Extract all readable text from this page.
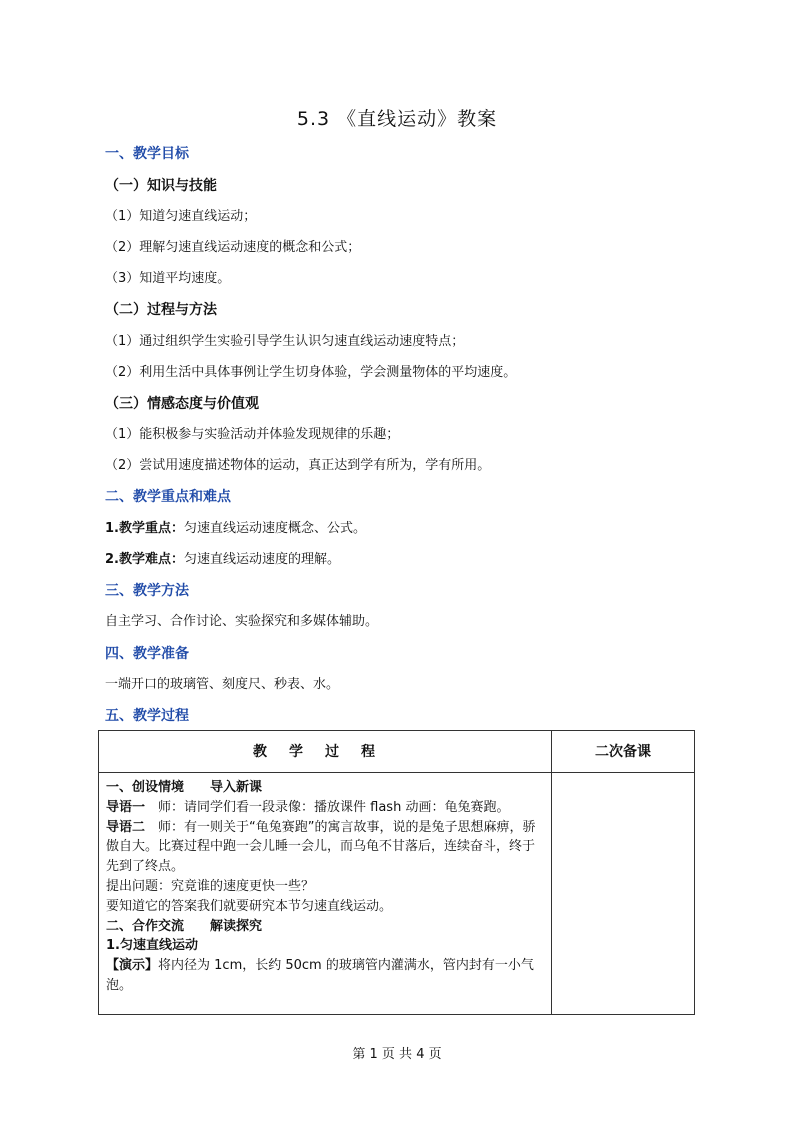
5.3 《直线运动》教案
一、教学目标
（一）知识与技能
（1）知道匀速直线运动；
（2）理解匀速直线运动速度的概念和公式；
（3）知道平均速度。
（二）过程与方法
（1）通过组织学生实验引导学生认识匀速直线运动速度特点；
（2）利用生活中具体事例让学生切身体验，学会测量物体的平均速度。
（三）情感态度与价值观
（1）能积极参与实验活动并体验发现规律的乐趣；
（2）尝试用速度描述物体的运动，真正达到学有所为，学有所用。
二、教学重点和难点
1.教学重点：匀速直线运动速度概念、公式。
2.教学难点：匀速直线运动速度的理解。
三、教学方法
自主学习、合作讨论、实验探究和多媒体辅助。
四、教学准备
一端开口的玻璃管、刻度尺、秒表、水。
五、教学过程
教学过程	二次备课

一、创设情境　　导入新课

导语一　师：请同学们看一段录像：播放课件 flash 动画：龟兔赛跑。

导语二　师：有一则关于“龟兔赛跑”的寓言故事，说的是兔子思想麻痹，骄傲自大。比赛过程中跑一会儿睡一会儿，而乌龟不甘落后，连续奋斗，终于先到了终点。

提出问题：究竟谁的速度更快一些？

要知道它的答案我们就要研究本节匀速直线运动。

二、合作交流　　解读探究

1.匀速直线运动

【演示】将内径为 1cm，长约 50cm 的玻璃管内灌满水，管内封有一小气泡。

第 1 页 共 4 页
